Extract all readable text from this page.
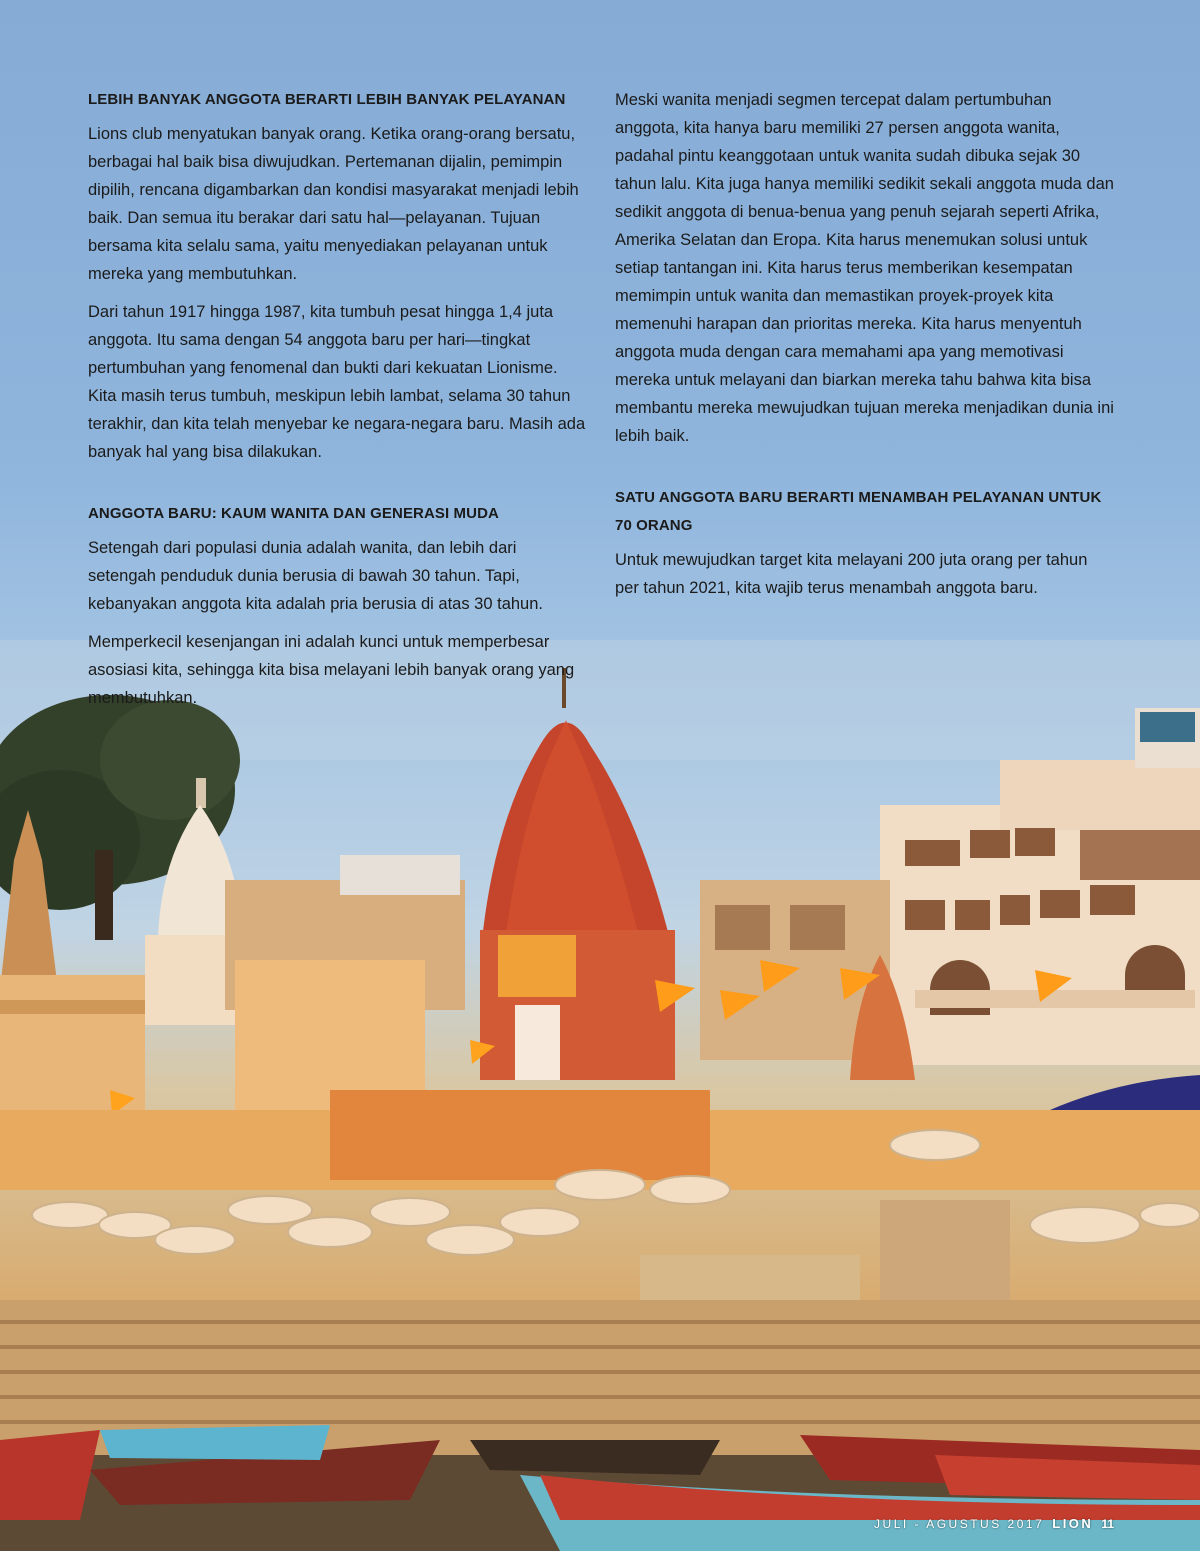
LEBIH BANYAK ANGGOTA BERARTI LEBIH BANYAK PELAYANAN

Lions club menyatukan banyak orang. Ketika orang-orang bersatu, berbagai hal baik bisa diwujudkan. Pertemanan dijalin, pemimpin dipilih, rencana digambarkan dan kondisi masyarakat menjadi lebih baik. Dan semua itu berakar dari satu hal—pelayanan. Tujuan bersama kita selalu sama, yaitu menyediakan pelayanan untuk mereka yang membutuhkan.

Dari tahun 1917 hingga 1987, kita tumbuh pesat hingga 1,4 juta anggota. Itu sama dengan 54 anggota baru per hari—tingkat pertumbuhan yang fenomenal dan bukti dari kekuatan Lionisme. Kita masih terus tumbuh, meskipun lebih lambat, selama 30 tahun terakhir, dan kita telah menyebar ke negara-negara baru. Masih ada banyak hal yang bisa dilakukan.

ANGGOTA BARU: KAUM WANITA DAN GENERASI MUDA

Setengah dari populasi dunia adalah wanita, dan lebih dari setengah penduduk dunia berusia di bawah 30 tahun. Tapi, kebanyakan anggota kita adalah pria berusia di atas 30 tahun.

Memperkecil kesenjangan ini adalah kunci untuk memperbesar asosiasi kita, sehingga kita bisa melayani lebih banyak orang yang membutuhkan.

Meski wanita menjadi segmen tercepat dalam pertumbuhan anggota, kita hanya baru memiliki 27 persen anggota wanita, padahal pintu keanggotaan untuk wanita sudah dibuka sejak 30 tahun lalu. Kita juga hanya memiliki sedikit sekali anggota muda dan sedikit anggota di benua-benua yang penuh sejarah seperti Afrika, Amerika Selatan dan Eropa. Kita harus menemukan solusi untuk setiap tantangan ini. Kita harus terus memberikan kesempatan memimpin untuk wanita dan memastikan proyek-proyek kita memenuhi harapan dan prioritas mereka. Kita harus menyentuh anggota muda dengan cara memahami apa yang memotivasi mereka untuk melayani dan biarkan mereka tahu bahwa kita bisa membantu mereka mewujudkan tujuan mereka menjadikan dunia ini lebih baik.

SATU ANGGOTA BARU BERARTI MENAMBAH PELAYANAN UNTUK 70 ORANG

Untuk mewujudkan target kita melayani 200 juta orang per tahun per tahun 2021, kita wajib terus menambah anggota baru.

JULI - AGUSTUS 2017 LION 11
